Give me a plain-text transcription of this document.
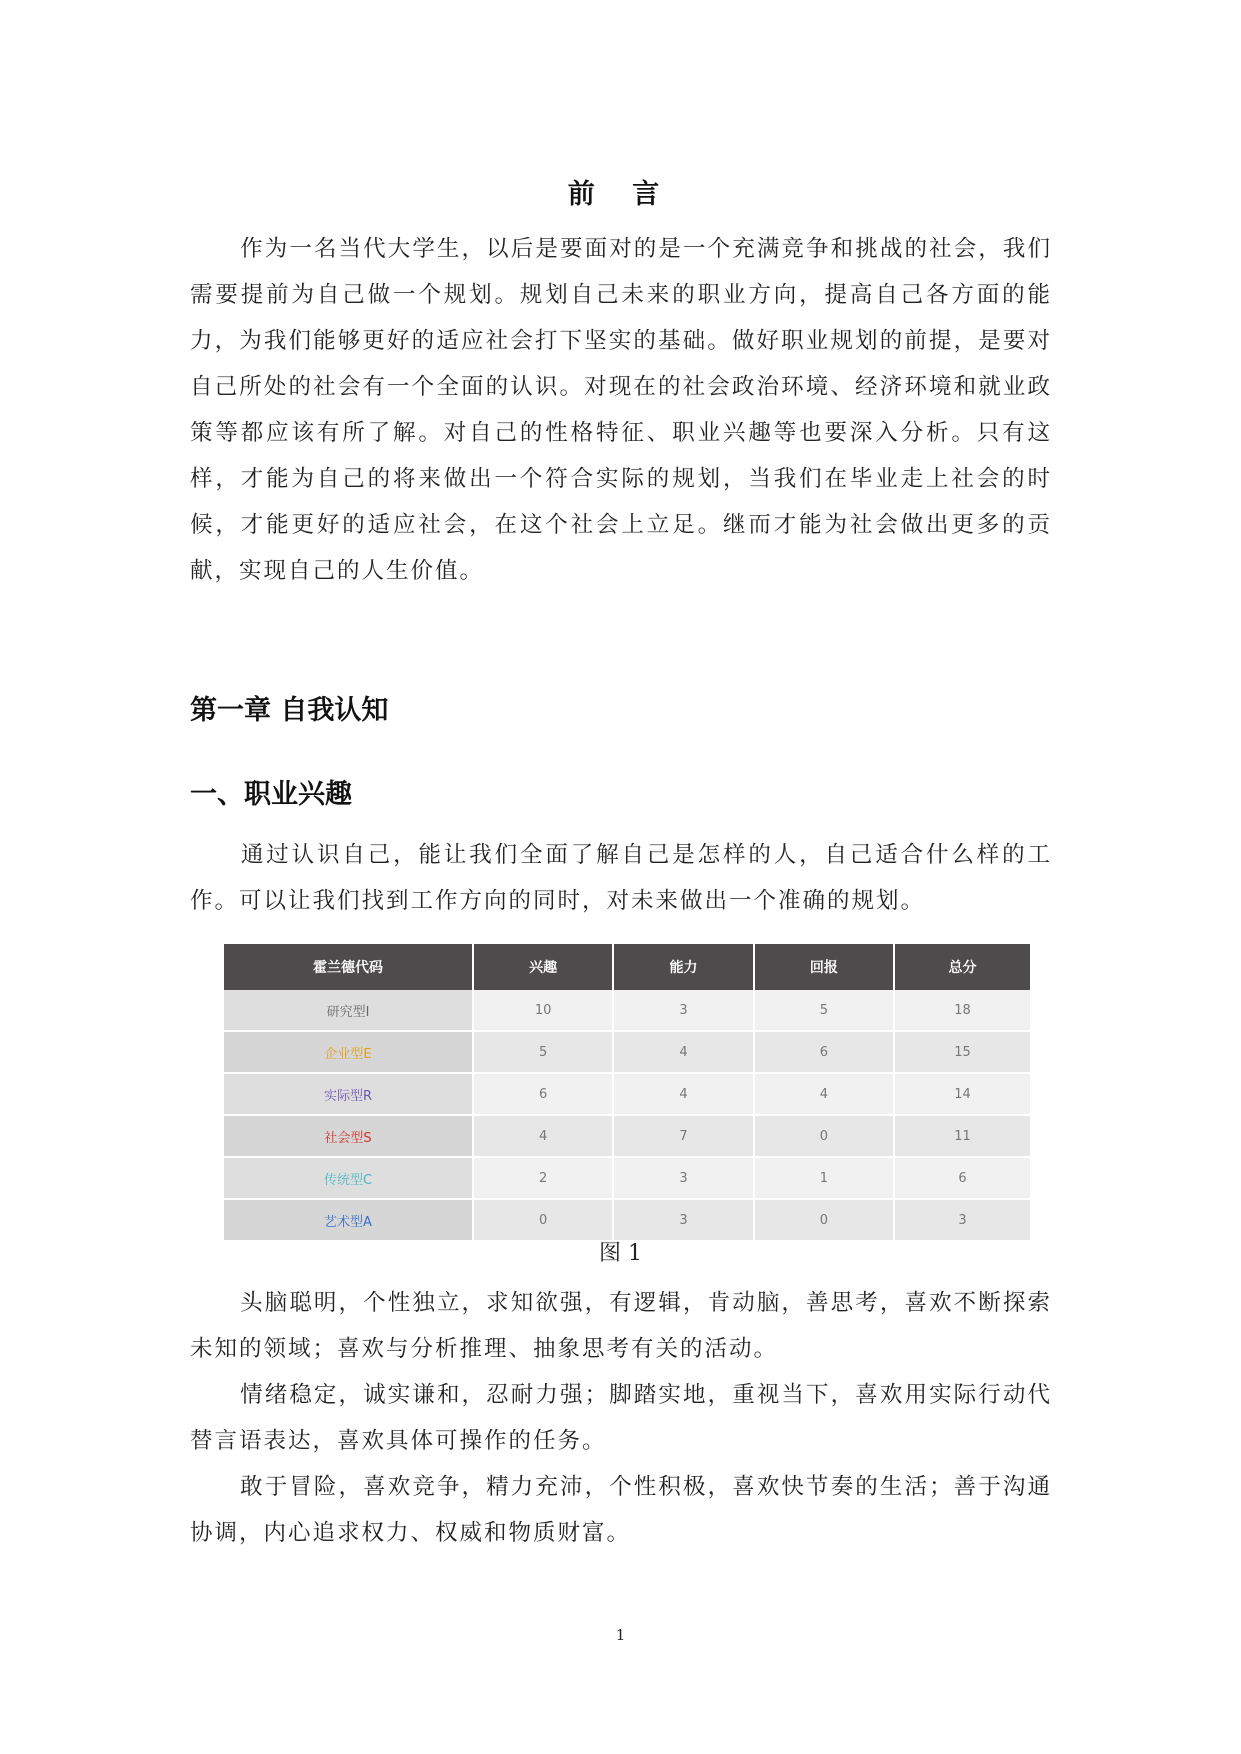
前 言

作为一名当代大学生，以后是要面对的是一个充满竞争和挑战的社会，我们需要提前为自己做一个规划。规划自己未来的职业方向，提高自己各方面的能力，为我们能够更好的适应社会打下坚实的基础。做好职业规划的前提，是要对自己所处的社会有一个全面的认识。对现在的社会政治环境、经济环境和就业政策等都应该有所了解。对自己的性格特征、职业兴趣等也要深入分析。只有这样，才能为自己的将来做出一个符合实际的规划，当我们在毕业走上社会的时候，才能更好的适应社会，在这个社会上立足。继而才能为社会做出更多的贡献，实现自己的人生价值。

第一章 自我认知
一、职业兴趣

通过认识自己，能让我们全面了解自己是怎样的人，自己适合什么样的工作。可以让我们找到工作方向的同时，对未来做出一个准确的规划。

霍兰德代码	兴趣	能力	回报	总分
研究型I	10	3	5	18
企业型E	5	4	6	15
实际型R	6	4	4	14
社会型S	4	7	0	11
传统型C	2	3	1	6
艺术型A	0	3	0	3
图 1

头脑聪明，个性独立，求知欲强，有逻辑，肯动脑，善思考，喜欢不断探索未知的领域；喜欢与分析推理、抽象思考有关的活动。

情绪稳定，诚实谦和，忍耐力强；脚踏实地，重视当下，喜欢用实际行动代替言语表达，喜欢具体可操作的任务。

敢于冒险，喜欢竞争，精力充沛，个性积极，喜欢快节奏的生活；善于沟通协调，内心追求权力、权威和物质财富。

1
